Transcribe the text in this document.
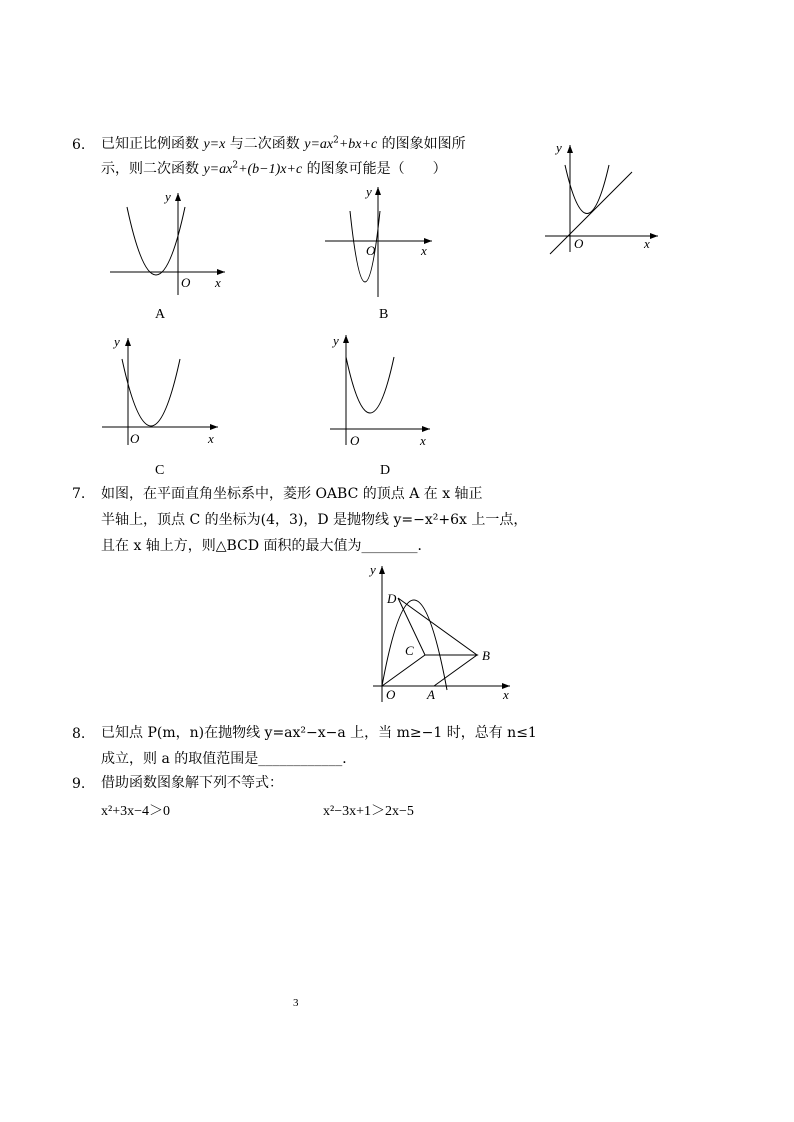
6. 已知正比例函数 y=x 与二次函数 $y=ax^2+bx+c$ 的图象如图所
示，则二次函数 $y=ax^2+(b-1)x+c$ 的图象可能是（　　）
y
O	x
y
O x
A
y
O	x
B
y
O	x
C
y
O	x
D
7. 如图，在平面直角坐标系中，菱形 OABC 的顶点 A 在 x 轴正
半轴上，顶点 C 的坐标为(4，3)，D 是抛物线 y=−x²+6x 上一点，
且在 x 轴上方，则△BCD 面积的最大值为________．
D
C	B
A
O
y
x
8. 已知点 P(m，n)在抛物线 y=ax²−x−a 上，当 m≥−1 时，总有 n≤1
成立，则 a 的取值范围是____________．
9. 借助函数图象解下列不等式：
x²+3x−4＞0	x²−3x+1＞2x−5
3
